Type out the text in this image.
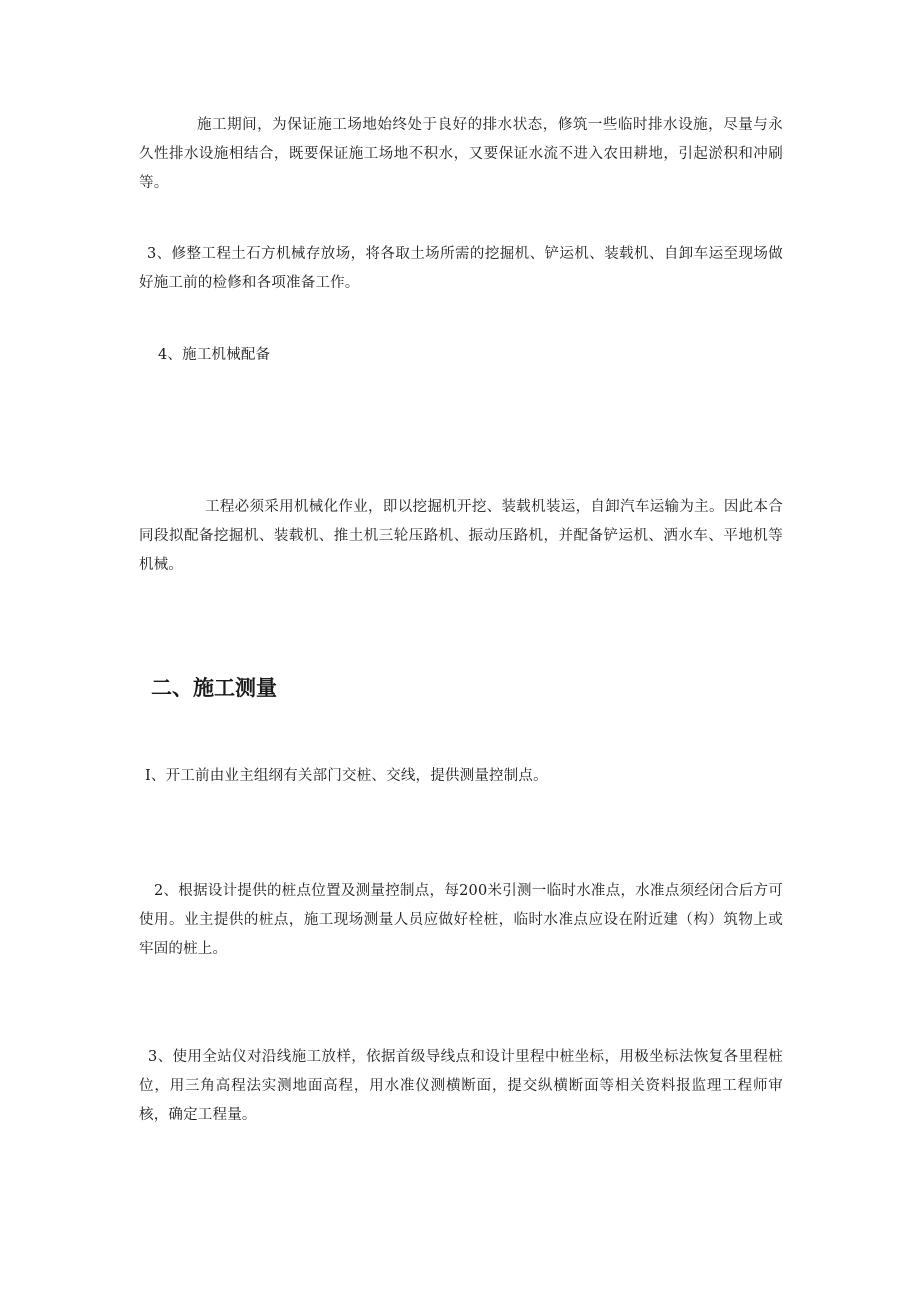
施工期间，为保证施工场地始终处于良好的排水状态，修筑一些临时排水设施，尽量与永久性排水设施相结合，既要保证施工场地不积水，又要保证水流不进入农田耕地，引起淤积和冲刷等。

3、修整工程土石方机械存放场，将各取土场所需的挖掘机、铲运机、装载机、自卸车运至现场做好施工前的检修和各项准备工作。

4、施工机械配备

工程必须采用机械化作业，即以挖掘机开挖、装载机装运，自卸汽车运输为主。因此本合同段拟配备挖掘机、装载机、推土机三轮压路机、振动压路机，并配备铲运机、洒水车、平地机等机械。

二、施工测量

I、开工前由业主组纲有关部门交桩、交线，提供测量控制点。

2、根据设计提供的桩点位置及测量控制点，每200米引测一临时水准点，水准点须经闭合后方可使用。业主提供的桩点，施工现场测量人员应做好栓桩，临时水准点应设在附近建（构）筑物上或牢固的桩上。

3、使用全站仪对沿线施工放样，依据首级导线点和设计里程中桩坐标，用极坐标法恢复各里程桩位，用三角高程法实测地面高程，用水准仪测横断面，提交纵横断面等相关资料报监理工程师审核，确定工程量。
